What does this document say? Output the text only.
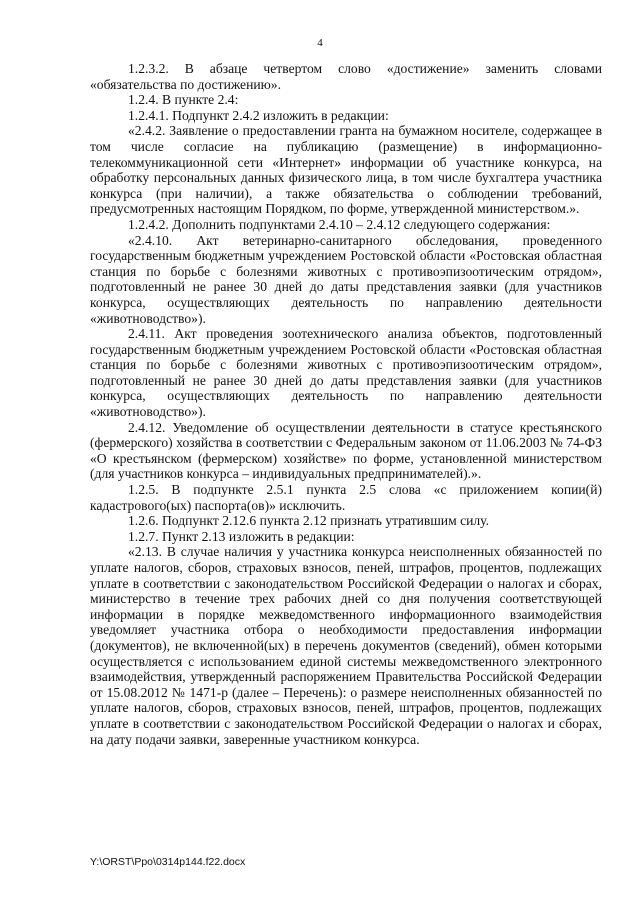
4

1.2.3.2. В абзаце четвертом слово «достижение» заменить словами «обязательства по достижению».

1.2.4. В пункте 2.4:

1.2.4.1. Подпункт 2.4.2 изложить в редакции:

«2.4.2. Заявление о предоставлении гранта на бумажном носителе, содержащее в том числе согласие на публикацию (размещение) в информационно-телекоммуникационной сети «Интернет» информации об участнике конкурса, на обработку персональных данных физического лица, в том числе бухгалтера участника конкурса (при наличии), а также обязательства о соблюдении требований, предусмотренных настоящим Порядком, по форме, утвержденной министерством.».

1.2.4.2. Дополнить подпунктами 2.4.10 – 2.4.12 следующего содержания:

«2.4.10. Акт ветеринарно-санитарного обследования, проведенного государственным бюджетным учреждением Ростовской области «Ростовская областная станция по борьбе с болезнями животных с противоэпизоотическим отрядом», подготовленный не ранее 30 дней до даты представления заявки (для участников конкурса, осуществляющих деятельность по направлению деятельности «животноводство»).

2.4.11. Акт проведения зоотехнического анализа объектов, подготовленный государственным бюджетным учреждением Ростовской области «Ростовская областная станция по борьбе с болезнями животных с противоэпизоотическим отрядом», подготовленный не ранее 30 дней до даты представления заявки (для участников конкурса, осуществляющих деятельность по направлению деятельности «животноводство»).

2.4.12. Уведомление об осуществлении деятельности в статусе крестьянского (фермерского) хозяйства в соответствии с Федеральным законом от 11.06.2003 № 74-ФЗ «О крестьянском (фермерском) хозяйстве» по форме, установленной министерством (для участников конкурса – индивидуальных предпринимателей).».

1.2.5. В подпункте 2.5.1 пункта 2.5 слова «с приложением копии(й) кадастрового(ых) паспорта(ов)» исключить.

1.2.6. Подпункт 2.12.6 пункта 2.12 признать утратившим силу.

1.2.7. Пункт 2.13 изложить в редакции:

«2.13. В случае наличия у участника конкурса неисполненных обязанностей по уплате налогов, сборов, страховых взносов, пеней, штрафов, процентов, подлежащих уплате в соответствии с законодательством Российской Федерации о налогах и сборах, министерство в течение трех рабочих дней со дня получения соответствующей информации в порядке межведомственного информационного взаимодействия уведомляет участника отбора о необходимости предоставления информации (документов), не включенной(ых) в перечень документов (сведений), обмен которыми осуществляется с использованием единой системы межведомственного электронного взаимодействия, утвержденный распоряжением Правительства Российской Федерации от 15.08.2012 № 1471-р (далее – Перечень): о размере неисполненных обязанностей по уплате налогов, сборов, страховых взносов, пеней, штрафов, процентов, подлежащих уплате в соответствии с законодательством Российской Федерации о налогах и сборах, на дату подачи заявки, заверенные участником конкурса.

Y:\ORST\Ppo\0314p144.f22.docx
